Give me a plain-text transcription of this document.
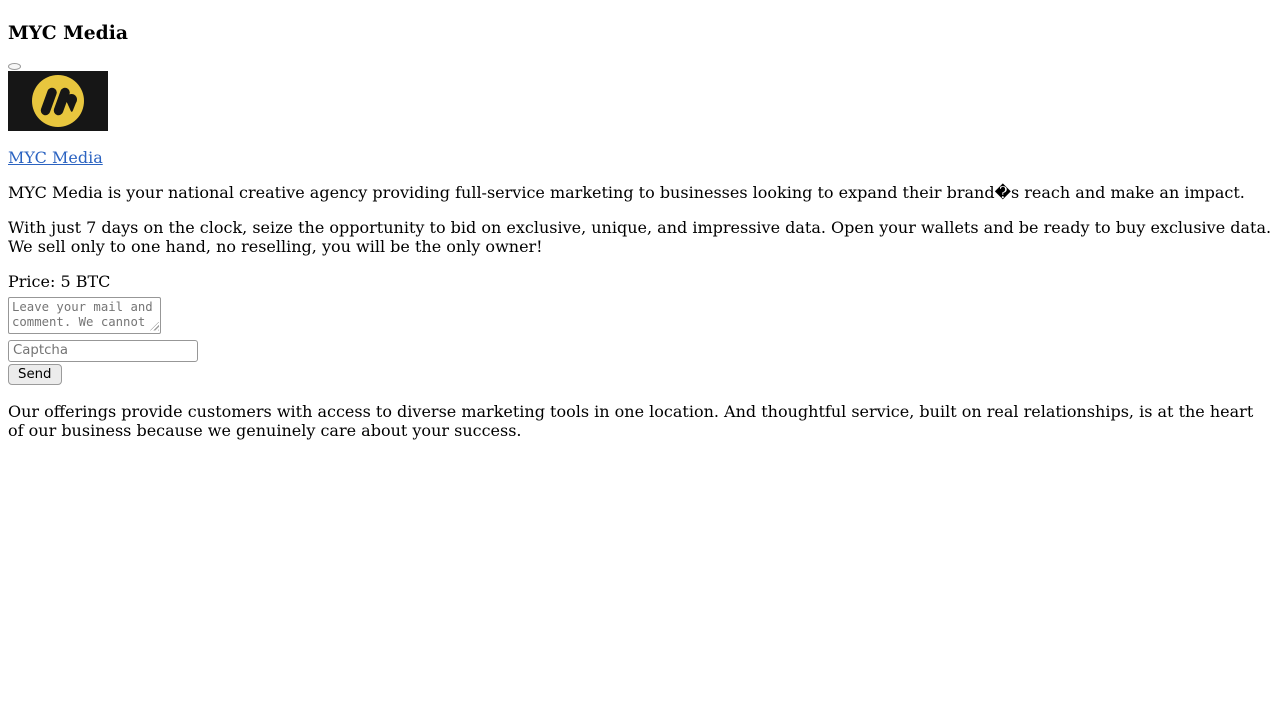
MYC Media

MYC Media

MYC Media is your national creative agency providing full-service marketing to businesses looking to expand their brand�s reach and make an impact.

With just 7 days on the clock, seize the opportunity to bid on exclusive, unique, and impressive data. Open your wallets and be ready to buy exclusive data. We sell only to one hand, no reselling, you will be the only owner!

Price: 5 BTC

Leave your mail and comment. We cannot
Captcha
Send

Our offerings provide customers with access to diverse marketing tools in one location. And thoughtful service, built on real relationships, is at the heart of our business because we genuinely care about your success.
